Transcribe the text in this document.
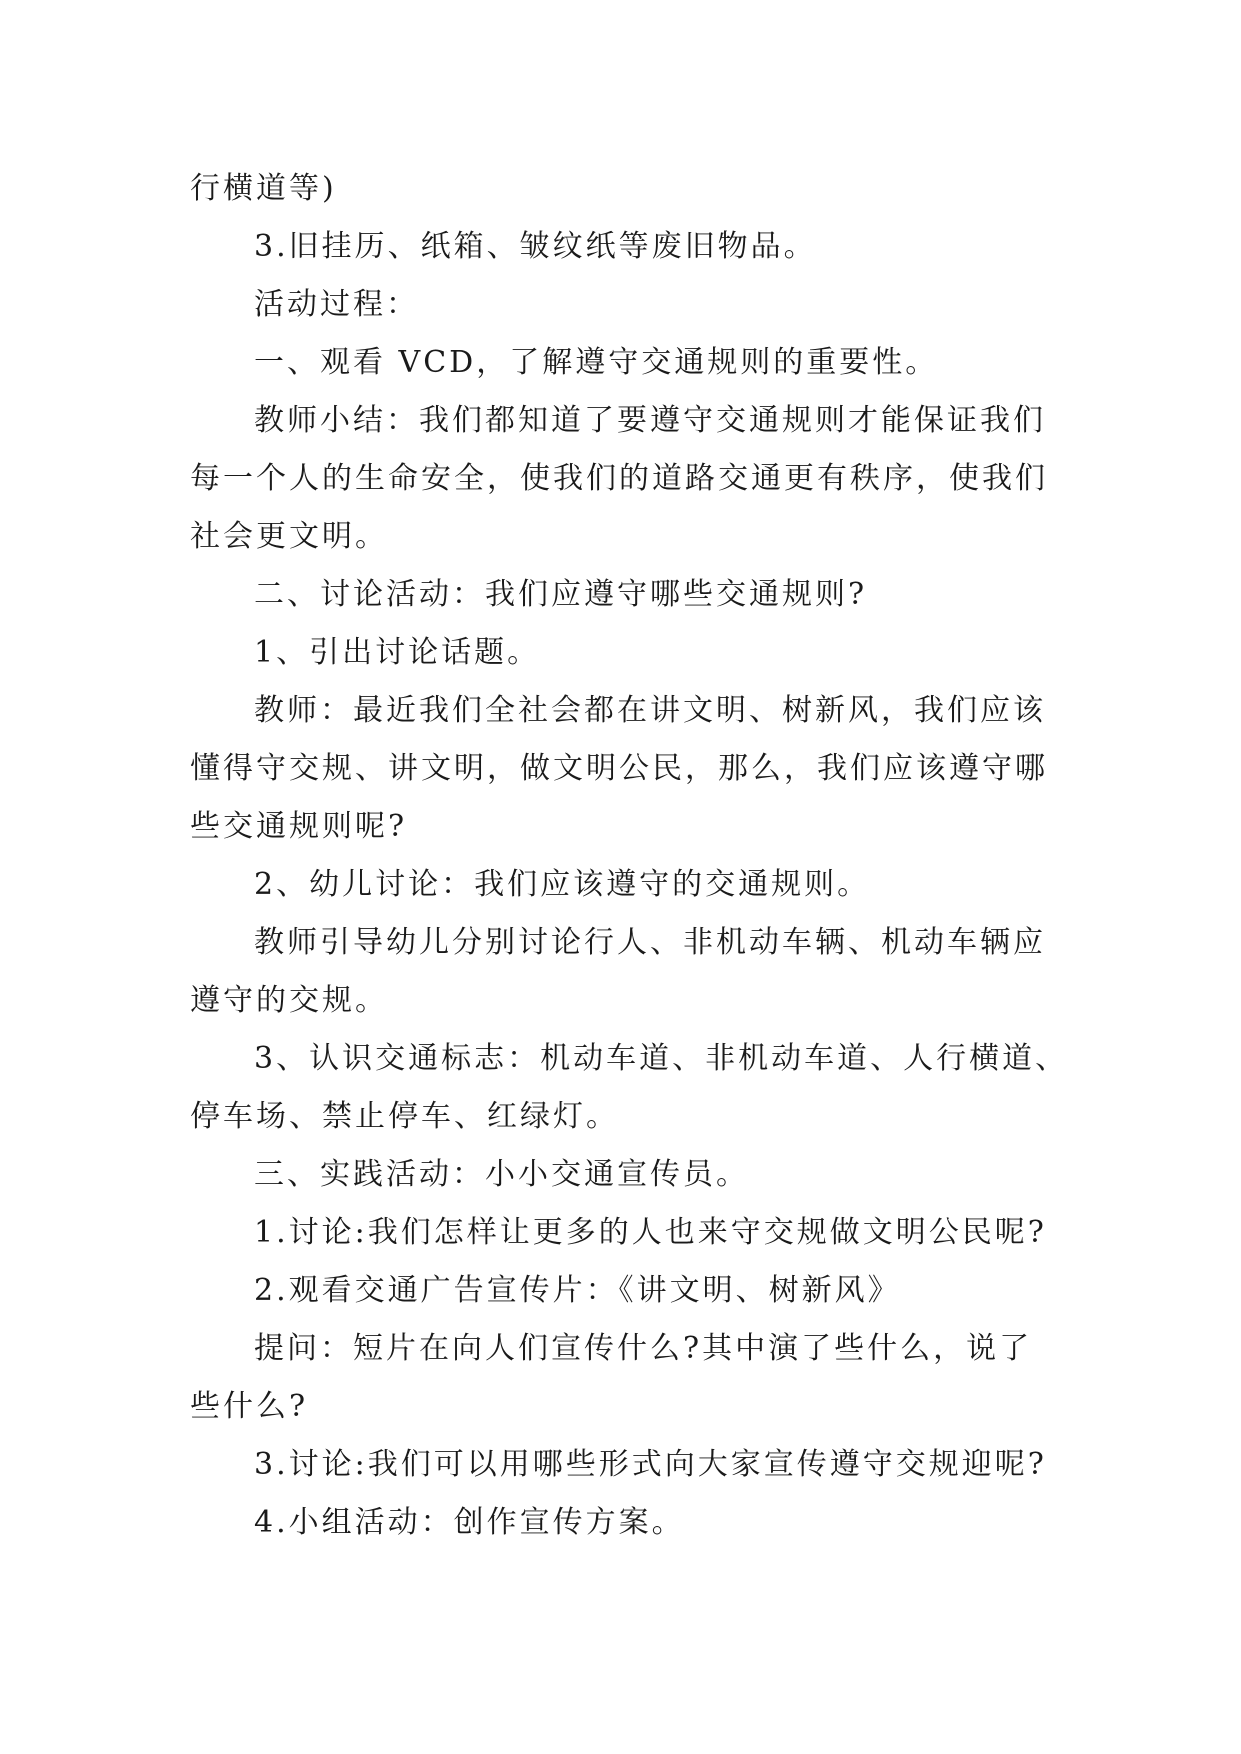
行横道等)
3.旧挂历、纸箱、皱纹纸等废旧物品。
活动过程：
一、观看 VCD，了解遵守交通规则的重要性。
教师小结：我们都知道了要遵守交通规则才能保证我们
每一个人的生命安全，使我们的道路交通更有秩序，使我们
社会更文明。
二、讨论活动：我们应遵守哪些交通规则?
1、引出讨论话题。
教师：最近我们全社会都在讲文明、树新风，我们应该
懂得守交规、讲文明，做文明公民，那么，我们应该遵守哪
些交通规则呢?
2、幼儿讨论：我们应该遵守的交通规则。
教师引导幼儿分别讨论行人、非机动车辆、机动车辆应
遵守的交规。
3、认识交通标志：机动车道、非机动车道、人行横道、
停车场、禁止停车、红绿灯。
三、实践活动：小小交通宣传员。
1.讨论:我们怎样让更多的人也来守交规做文明公民呢?
2.观看交通广告宣传片：《讲文明、树新风》
提问：短片在向人们宣传什么?其中演了些什么，说了
些什么?
3.讨论:我们可以用哪些形式向大家宣传遵守交规迎呢?
4.小组活动：创作宣传方案。
